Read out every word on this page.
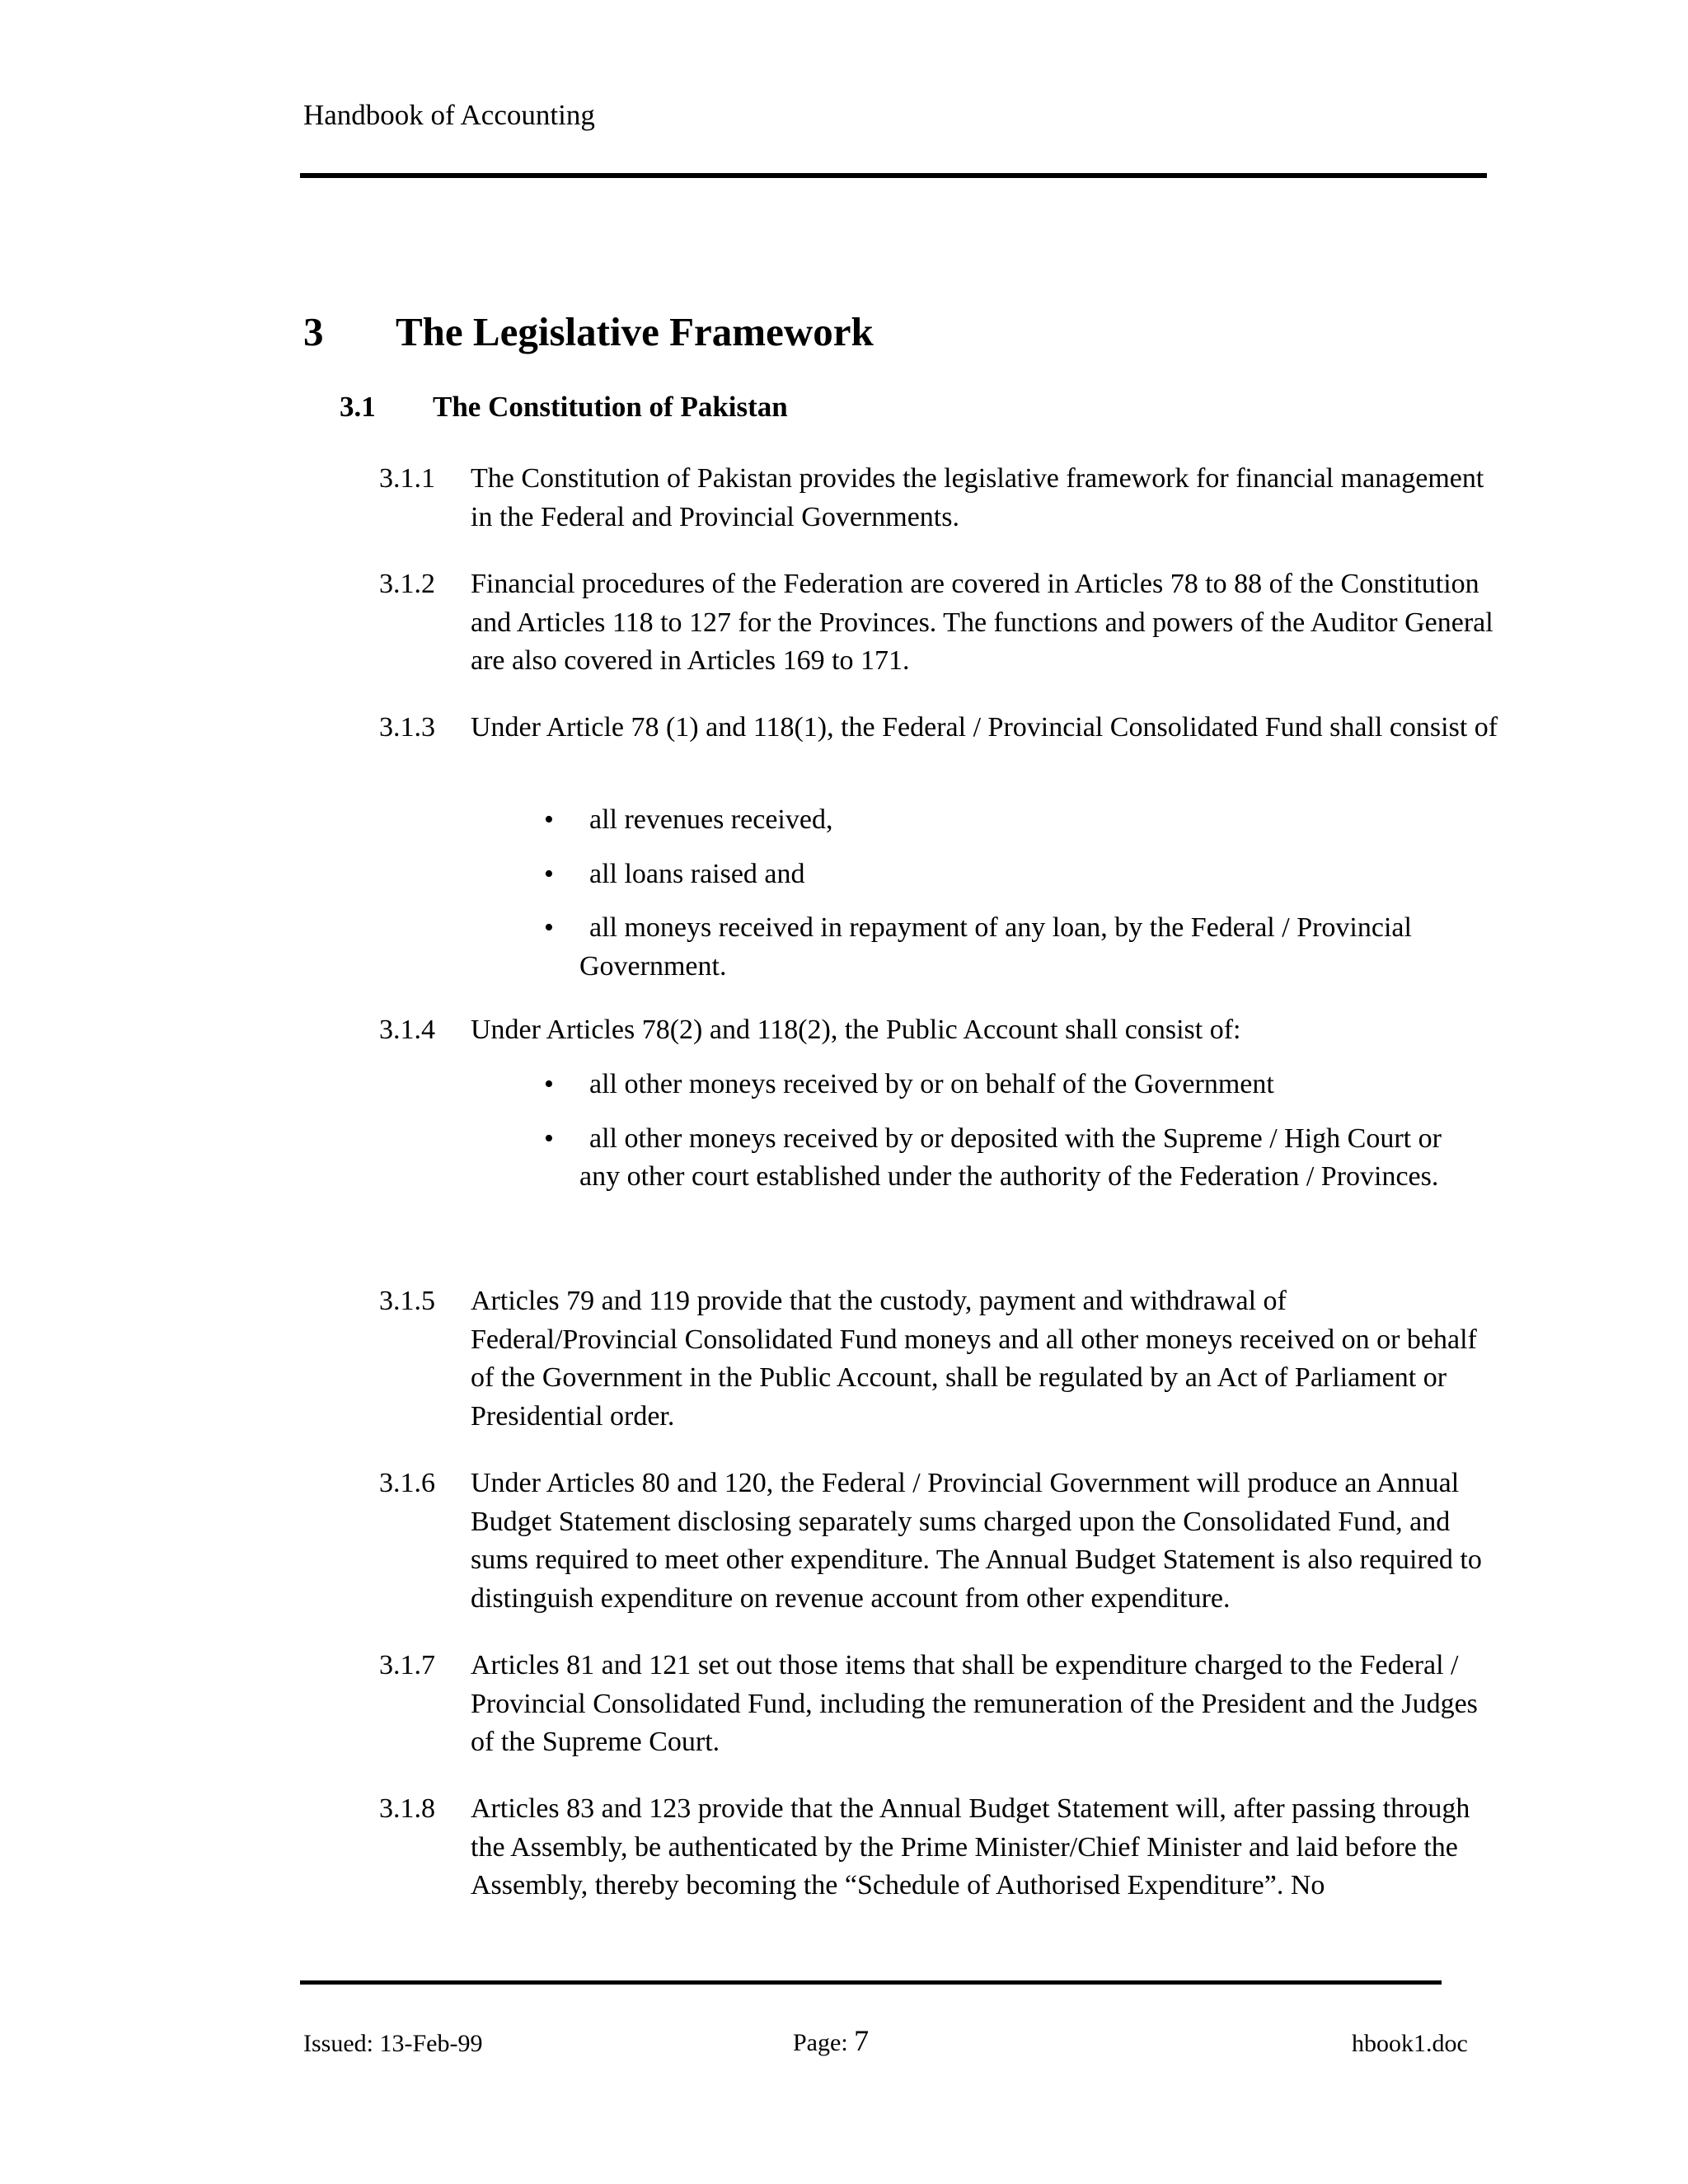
Handbook of Accounting
3 The Legislative Framework
3.1 The Constitution of Pakistan
3.1.1 The Constitution of Pakistan provides the legislative framework for financial management in the Federal and Provincial Governments.
3.1.2 Financial procedures of the Federation are covered in Articles 78 to 88 of the Constitution and Articles 118 to 127 for the Provinces. The functions and powers of the Auditor General are also covered in Articles 169 to 171.
3.1.3 Under Article 78 (1) and 118(1), the Federal / Provincial Consolidated Fund shall consist of
•	all revenues received,
•	all loans raised and
•	all moneys received in repayment of any loan, by the Federal / Provincial Government.
3.1.4 Under Articles 78(2) and 118(2), the Public Account shall consist of:
•	all other moneys received by or on behalf of the Government
•	all other moneys received by or deposited with the Supreme / High Court or any other court established under the authority of the Federation / Provinces.
3.1.5 Articles 79 and 119 provide that the custody, payment and withdrawal of Federal/Provincial Consolidated Fund moneys and all other moneys received on or behalf of the Government in the Public Account, shall be regulated by an Act of Parliament or Presidential order.
3.1.6 Under Articles 80 and 120, the Federal / Provincial Government will produce an Annual Budget Statement disclosing separately sums charged upon the Consolidated Fund, and sums required to meet other expenditure. The Annual Budget Statement is also required to distinguish expenditure on revenue account from other expenditure.
3.1.7 Articles 81 and 121 set out those items that shall be expenditure charged to the Federal / Provincial Consolidated Fund, including the remuneration of the President and the Judges of the Supreme Court.
3.1.8 Articles 83 and 123 provide that the Annual Budget Statement will, after passing through the Assembly, be authenticated by the Prime Minister/Chief Minister and laid before the Assembly, thereby becoming the “Schedule of Authorised Expenditure”. No
Issued: 13-Feb-99	Page: 7	hbook1.doc
